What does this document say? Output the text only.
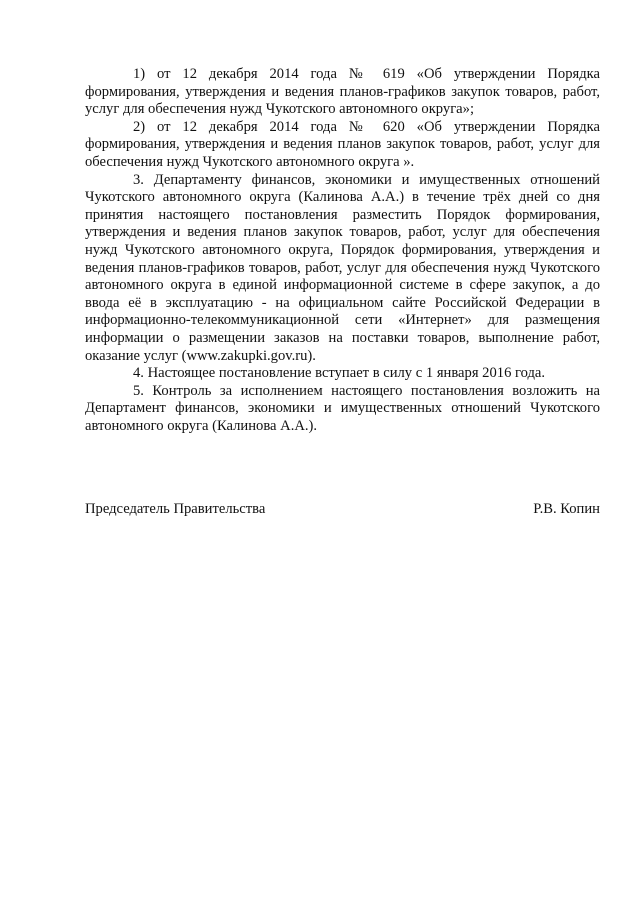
1) от 12 декабря 2014 года № 619 «Об утверждении Порядка формирования, утверждения и ведения планов-графиков закупок товаров, работ, услуг для обеспечения нужд Чукотского автономного округа»;

2) от 12 декабря 2014 года № 620 «Об утверждении Порядка формирования, утверждения и ведения планов закупок товаров, работ, услуг для обеспечения нужд Чукотского автономного округа ».

3. Департаменту финансов, экономики и имущественных отношений Чукотского автономного округа (Калинова А.А.) в течение трёх дней со дня принятия настоящего постановления разместить Порядок формирования, утверждения и ведения планов закупок товаров, работ, услуг для обеспечения нужд Чукотского автономного округа, Порядок формирования, утверждения и ведения планов-графиков товаров, работ, услуг для обеспечения нужд Чукотского автономного округа в единой информационной системе в сфере закупок, а до ввода её в эксплуатацию - на официальном сайте Российской Федерации в информационно-телекоммуникационной сети «Интернет» для размещения информации о размещении заказов на поставки товаров, выполнение работ, оказание услуг (www.zakupki.gov.ru).

4. Настоящее постановление вступает в силу с 1 января 2016 года.

5. Контроль за исполнением настоящего постановления возложить на Департамент финансов, экономики и имущественных отношений Чукотского автономного округа (Калинова А.А.).

Председатель Правительства	Р.В. Копин
